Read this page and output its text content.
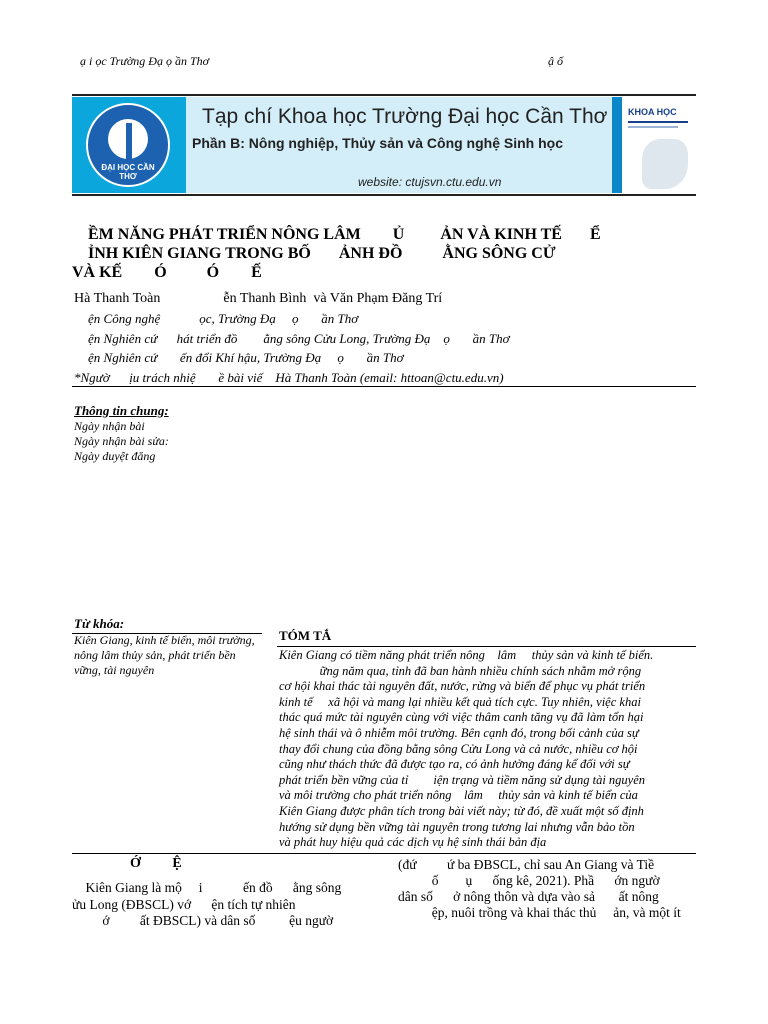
ạ i ọc Trường Đạ ọ ần Thơ	ậ ố
ĐẠI HỌC CẦN THƠ
Tạp chí Khoa học Trường Đại học Cần Thơ
Phần B: Nông nghiệp, Thủy sản và Công nghệ Sinh học
website: ctujsvn.ctu.edu.vn
KHOA HỌC
ỀM NĂNG PHÁT TRIỂN NÔNG LÂM        Ủ         ẢN VÀ KINH TẾ       Ể
ỈNH KIÊN GIANG TRONG BỐ       ẢNH ĐỒ          ẰNG SÔNG CỬ
VÀ KẾ        Ó          Ó        Ế
Hà Thanh Toàn                  ễn Thanh Bình  và Văn Phạm Đăng Trí
ện Công nghệ            ọc, Trường Đạ     ọ       ần Thơ
ện Nghiên cứ      hát triển đồ        ằng sông Cửu Long, Trường Đạ    ọ       ần Thơ
ện Nghiên cứ       ến đổi Khí hậu, Trường Đạ     ọ       ần Thơ
*Ngườ      ịu trách nhiệ       ề bài viế    Hà Thanh Toàn (email: httoan@ctu.edu.vn)
Thông tin chung:
Ngày nhận bài
Ngày nhận bài sửa:
Ngày duyệt đăng
Từ khóa:
Kiên Giang, kinh tế biển, môi trường, nông lâm thủy sản, phát triển bền vững, tài nguyên
TÓM TẮ
Kiên Giang có tiềm năng phát triển nông    lâm     thủy sản và kinh tế biển.
ững năm qua, tỉnh đã ban hành nhiều chính sách nhằm mở rộng
cơ hội khai thác tài nguyên đất, nước, rừng và biển để phục vụ phát triển
kinh tế     xã hội và mang lại nhiều kết quả tích cực. Tuy nhiên, việc khai
thác quá mức tài nguyên cùng với việc thâm canh tăng vụ đã làm tổn hại
hệ sinh thái và ô nhiễm môi trường. Bên cạnh đó, trong bối cảnh của sự
thay đổi chung của đồng bằng sông Cửu Long và cả nước, nhiều cơ hội
cũng như thách thức đã được tạo ra, có ảnh hưởng đáng kể đối với sự
phát triển bền vững của tỉ        iện trạng và tiềm năng sử dụng tài nguyên
và môi trường cho phát triển nông    lâm     thủy sản và kinh tế biển của
Kiên Giang được phân tích trong bài viết này; từ đó, đề xuất một số định
hướng sử dụng bền vững tài nguyên trong tương lai nhưng vẫn bảo tồn
và phát huy hiệu quả các dịch vụ hệ sinh thái bản địa
Ớ         Ệ
Kiên Giang là mộ     i            ến đồ      ằng sông
ửu Long (ĐBSCL) vớ      ện tích tự nhiên
ớ         ất ĐBSCL) và dân số          ệu ngườ
(đứ         ứ ba ĐBSCL, chỉ sau An Giang và Tiề
ố        ụ      ống kê, 2021). Phầ      ớn ngườ
dân số      ở nông thôn và dựa vào sả       ất nông
ệp, nuôi trồng và khai thác thủ     ản, và một ít
